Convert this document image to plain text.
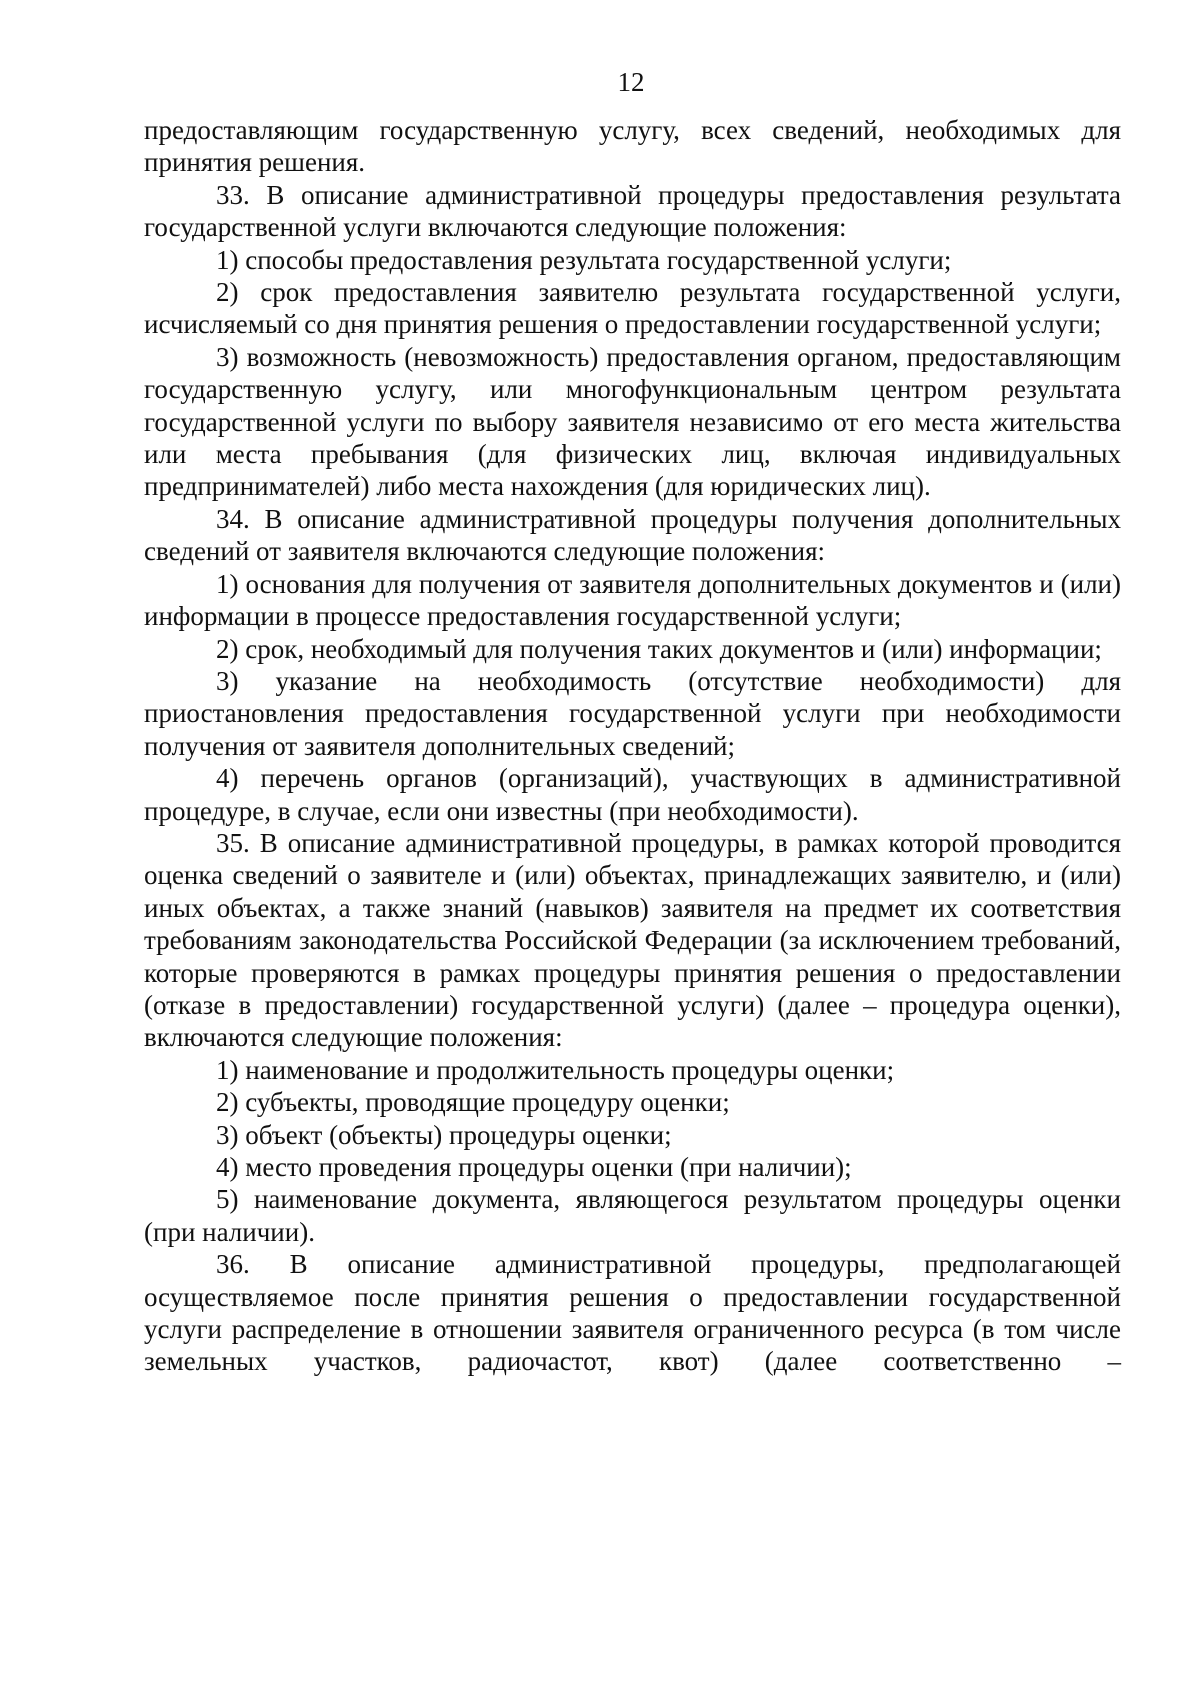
12

предоставляющим государственную услугу, всех сведений, необходимых для принятия решения.

33. В описание административной процедуры предоставления результата государственной услуги включаются следующие положения:

1) способы предоставления результата государственной услуги;

2) срок предоставления заявителю результата государственной услуги, исчисляемый со дня принятия решения о предоставлении государственной услуги;

3) возможность (невозможность) предоставления органом, предоставляющим государственную услугу, или многофункциональным центром результата государственной услуги по выбору заявителя независимо от его места жительства или места пребывания (для физических лиц, включая индивидуальных предпринимателей) либо места нахождения (для юридических лиц).

34. В описание административной процедуры получения дополнительных сведений от заявителя включаются следующие положения:

1) основания для получения от заявителя дополнительных документов и (или) информации в процессе предоставления государственной услуги;

2) срок, необходимый для получения таких документов и (или) информации;

3) указание на необходимость (отсутствие необходимости) для приостановления предоставления государственной услуги при необходимости получения от заявителя дополнительных сведений;

4) перечень органов (организаций), участвующих в административной процедуре, в случае, если они известны (при необходимости).

35. В описание административной процедуры, в рамках которой проводится оценка сведений о заявителе и (или) объектах, принадлежащих заявителю, и (или) иных объектах, а также знаний (навыков) заявителя на предмет их соответствия требованиям законодательства Российской Федерации (за исключением требований, которые проверяются в рамках процедуры принятия решения о предоставлении (отказе в предоставлении) государственной услуги) (далее – процедура оценки), включаются следующие положения:

1) наименование и продолжительность процедуры оценки;

2) субъекты, проводящие процедуру оценки;

3) объект (объекты) процедуры оценки;

4) место проведения процедуры оценки (при наличии);

5) наименование документа, являющегося результатом процедуры оценки (при наличии).

36. В описание административной процедуры, предполагающей осуществляемое после принятия решения о предоставлении государственной услуги распределение в отношении заявителя ограниченного ресурса (в том числе земельных участков, радиочастот, квот) (далее соответственно –
